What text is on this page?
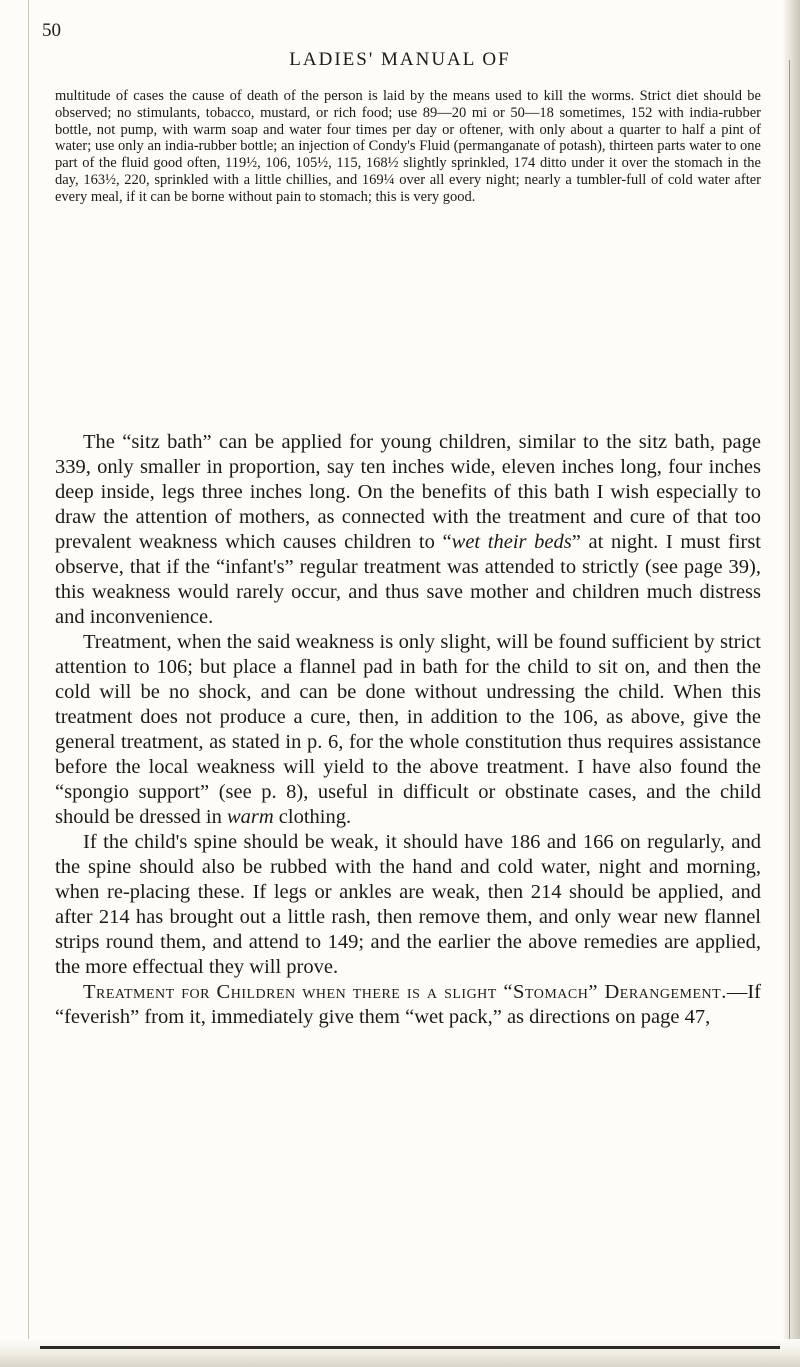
50
LADIES' MANUAL OF
multitude of cases the cause of death of the person is laid by the means used to kill the worms. Strict diet should be observed; no stimulants, tobacco, mustard, or rich food; use 89—20 mi or 50—18 sometimes, 152 with india-rubber bottle, not pump, with warm soap and water four times per day or oftener, with only about a quarter to half a pint of water; use only an india-rubber bottle; an injection of Condy's Fluid (permanganate of potash), thirteen parts water to one part of the fluid good often, 119½, 106, 105½, 115, 168½ slightly sprinkled, 174 ditto under it over the stomach in the day, 163½, 220, sprinkled with a little chillies, and 169¼ over all every night; nearly a tumbler-full of cold water after every meal, if it can be borne without pain to stomach; this is very good.

The “sitz bath” can be applied for young children, similar to the sitz bath, page 339, only smaller in proportion, say ten inches wide, eleven inches long, four inches deep inside, legs three inches long. On the benefits of this bath I wish especially to draw the attention of mothers, as connected with the treatment and cure of that too prevalent weakness which causes children to “wet their beds” at night. I must first observe, that if the “infant's” regular treatment was attended to strictly (see page 39), this weakness would rarely occur, and thus save mother and children much distress and inconvenience.

Treatment, when the said weakness is only slight, will be found sufficient by strict attention to 106; but place a flannel pad in bath for the child to sit on, and then the cold will be no shock, and can be done without undressing the child. When this treatment does not produce a cure, then, in addition to the 106, as above, give the general treatment, as stated in p. 6, for the whole constitution thus requires assistance before the local weakness will yield to the above treatment. I have also found the “spongio support” (see p. 8), useful in difficult or obstinate cases, and the child should be dressed in warm clothing.

If the child's spine should be weak, it should have 186 and 166 on regularly, and the spine should also be rubbed with the hand and cold water, night and morning, when re-placing these. If legs or ankles are weak, then 214 should be applied, and after 214 has brought out a little rash, then remove them, and only wear new flannel strips round them, and attend to 149; and the earlier the above remedies are applied, the more effectual they will prove.

Treatment for Children when there is a slight “Stomach” Derangement.—If “feverish” from it, immediately give them “wet pack,” as directions on page 47,
